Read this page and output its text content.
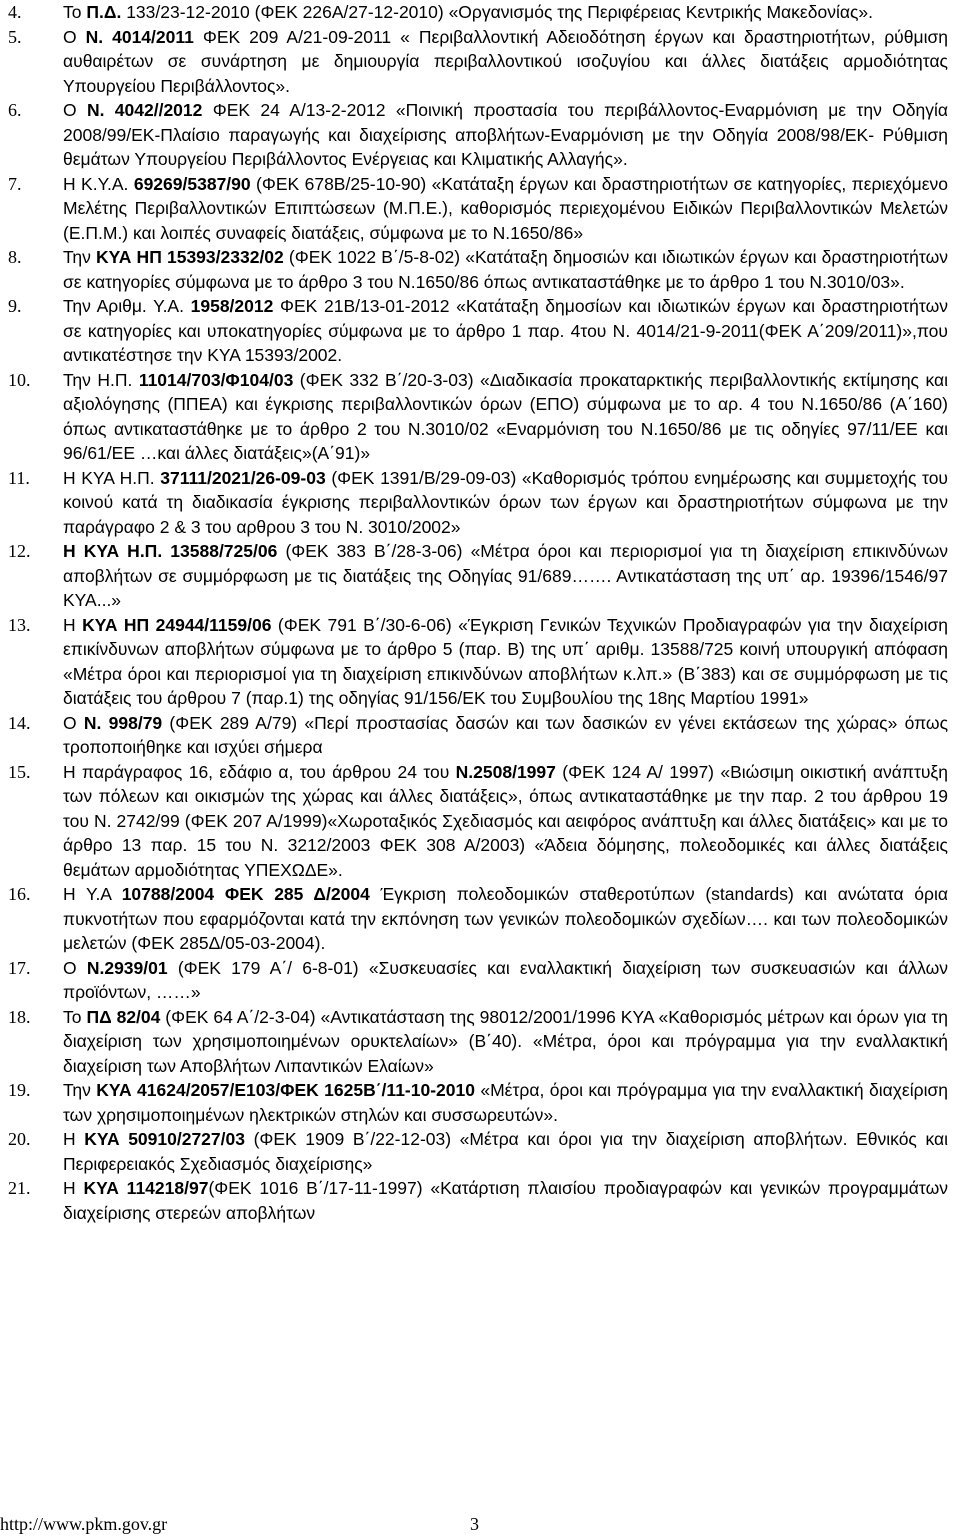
4. Το Π.Δ. 133/23-12-2010 (ΦΕΚ 226Α/27-12-2010) «Οργανισμός της Περιφέρειας Κεντρικής Μακεδονίας».
5. Ο Ν. 4014/2011 ΦΕΚ 209 Α/21-09-2011 « Περιβαλλοντική Αδειοδότηση έργων και δραστηριοτήτων, ρύθμιση αυθαιρέτων σε συνάρτηση με δημιουργία περιβαλλοντικού ισοζυγίου και άλλες διατάξεις αρμοδιότητας Υπουργείου Περιβάλλοντος».
6. Ο Ν. 4042//2012 ΦΕΚ 24 Α/13-2-2012 «Ποινική προστασία του περιβάλλοντος-Εναρμόνιση με την Οδηγία 2008/99/ΕΚ-Πλαίσιο παραγωγής και διαχείρισης αποβλήτων-Εναρμόνιση με την Οδηγία 2008/98/ΕΚ- Ρύθμιση θεμάτων Υπουργείου Περιβάλλοντος Ενέργειας και Κλιματικής Αλλαγής».
7. Η Κ.Υ.Α. 69269/5387/90 (ΦΕΚ 678Β/25-10-90) «Κατάταξη έργων και δραστηριοτήτων σε κατηγορίες, περιεχόμενο Μελέτης Περιβαλλοντικών Επιπτώσεων (Μ.Π.Ε.), καθορισμός περιεχομένου Ειδικών Περιβαλλοντικών Μελετών (Ε.Π.Μ.) και λοιπές συναφείς διατάξεις, σύμφωνα με το Ν.1650/86»
8. Την ΚΥΑ ΗΠ 15393/2332/02 (ΦΕΚ 1022 Β΄/5-8-02) «Κατάταξη δημοσιών και ιδιωτικών έργων και δραστηριοτήτων σε κατηγορίες σύμφωνα με το άρθρο 3 του Ν.1650/86 όπως αντικαταστάθηκε με το άρθρο 1 του Ν.3010/03».
9. Την Αριθμ. Υ.Α. 1958/2012 ΦΕΚ 21Β/13-01-2012 «Κατάταξη δημοσίων και ιδιωτικών έργων και δραστηριοτήτων σε κατηγορίες και υποκατηγορίες σύμφωνα με το άρθρο 1 παρ. 4του Ν. 4014/21-9-2011(ΦΕΚ Α΄209/2011)»,που αντικατέστησε την ΚΥΑ 15393/2002.
10. Την Η.Π. 11014/703/Φ104/03 (ΦΕΚ 332 Β΄/20-3-03) «Διαδικασία προκαταρκτικής περιβαλλοντικής εκτίμησης και αξιολόγησης (ΠΠΕΑ) και έγκρισης περιβαλλοντικών όρων (ΕΠΟ) σύμφωνα με το αρ. 4 του Ν.1650/86 (Α΄160) όπως αντικαταστάθηκε με το άρθρο 2 του Ν.3010/02 «Εναρμόνιση του Ν.1650/86 με τις οδηγίες 97/11/ΕΕ και 96/61/ΕΕ …και άλλες διατάξεις»(Α΄91)»
11. Η ΚΥΑ Η.Π. 37111/2021/26-09-03 (ΦΕΚ 1391/Β/29-09-03) «Καθορισμός τρόπου ενημέρωσης και συμμετοχής του κοινού κατά τη διαδικασία έγκρισης περιβαλλοντικών όρων των έργων και δραστηριοτήτων σύμφωνα με την παράγραφο 2 & 3 του αρθρου 3 του Ν. 3010/2002»
12. Η ΚΥΑ Η.Π. 13588/725/06 (ΦΕΚ 383 Β΄/28-3-06) «Μέτρα όροι και περιορισμοί για τη διαχείριση επικινδύνων αποβλήτων σε συμμόρφωση με τις διατάξεις της Οδηγίας 91/689……. Αντικατάσταση της υπ΄ αρ. 19396/1546/97 ΚΥΑ...»
13. Η ΚΥΑ ΗΠ 24944/1159/06 (ΦΕΚ 791 Β΄/30-6-06) «Έγκριση Γενικών Τεχνικών Προδιαγραφών για την διαχείριση επικίνδυνων αποβλήτων σύμφωνα με το άρθρο 5 (παρ. Β) της υπ΄ αριθμ. 13588/725 κοινή υπουργική απόφαση «Μέτρα όροι και περιορισμοί για τη διαχείριση επικινδύνων αποβλήτων κ.λπ.» (Β΄383) και σε συμμόρφωση με τις διατάξεις του άρθρου 7 (παρ.1) της οδηγίας 91/156/ΕΚ του Συμβουλίου της 18ης Μαρτίου 1991»
14. Ο Ν. 998/79 (ΦΕΚ 289 Α/79) «Περί προστασίας δασών και των δασικών εν γένει εκτάσεων της χώρας» όπως τροποποιήθηκε και ισχύει σήμερα
15. Η παράγραφος 16, εδάφιο α, του άρθρου 24 του Ν.2508/1997 (ΦΕΚ 124 Α/ 1997) «Βιώσιμη οικιστική ανάπτυξη των πόλεων και οικισμών της χώρας και άλλες διατάξεις», όπως αντικαταστάθηκε με την παρ. 2 του άρθρου 19 του Ν. 2742/99 (ΦΕΚ 207 Α/1999)«Χωροταξικός Σχεδιασμός και αειφόρος ανάπτυξη και άλλες διατάξεις» και με το άρθρο 13 παρ. 15 του Ν. 3212/2003 ΦΕΚ 308 Α/2003) «Άδεια δόμησης, πολεοδομικές και άλλες διατάξεις θεμάτων αρμοδιότητας ΥΠΕΧΩΔΕ».
16. Η Υ.Α 10788/2004 ΦΕΚ 285 Δ/2004 Έγκριση πολεοδομικών σταθεροτύπων (standards) και ανώτατα όρια πυκνοτήτων που εφαρμόζονται κατά την εκπόνηση των γενικών πολεοδομικών σχεδίων…. και των πολεοδομικών μελετών (ΦΕΚ 285Δ/05-03-2004).
17. Ο Ν.2939/01 (ΦΕΚ 179 Α΄/ 6-8-01) «Συσκευασίες και εναλλακτική διαχείριση των συσκευασιών και άλλων προϊόντων, ……»
18. Το ΠΔ 82/04 (ΦΕΚ 64 Α΄/2-3-04) «Αντικατάσταση της 98012/2001/1996 ΚΥΑ «Καθορισμός μέτρων και όρων για τη διαχείριση των χρησιμοποιημένων ορυκτελαίων» (Β΄40). «Μέτρα, όροι και πρόγραμμα για την εναλλακτική διαχείριση των Αποβλήτων Λιπαντικών Ελαίων»
19. Την ΚΥΑ 41624/2057/Ε103/ΦΕΚ 1625Β΄/11-10-2010 «Μέτρα, όροι και πρόγραμμα για την εναλλακτική διαχείριση των χρησιμοποιημένων ηλεκτρικών στηλών και συσσωρευτών».
20. Η ΚΥΑ 50910/2727/03 (ΦΕΚ 1909 Β΄/22-12-03) «Μέτρα και όροι για την διαχείριση αποβλήτων. Εθνικός και Περιφερειακός Σχεδιασμός διαχείρισης»
21. Η ΚΥΑ 114218/97(ΦΕΚ 1016 Β΄/17-11-1997) «Κατάρτιση πλαισίου προδιαγραφών και γενικών προγραμμάτων διαχείρισης στερεών αποβλήτων
http://www.pkm.gov.gr	3
